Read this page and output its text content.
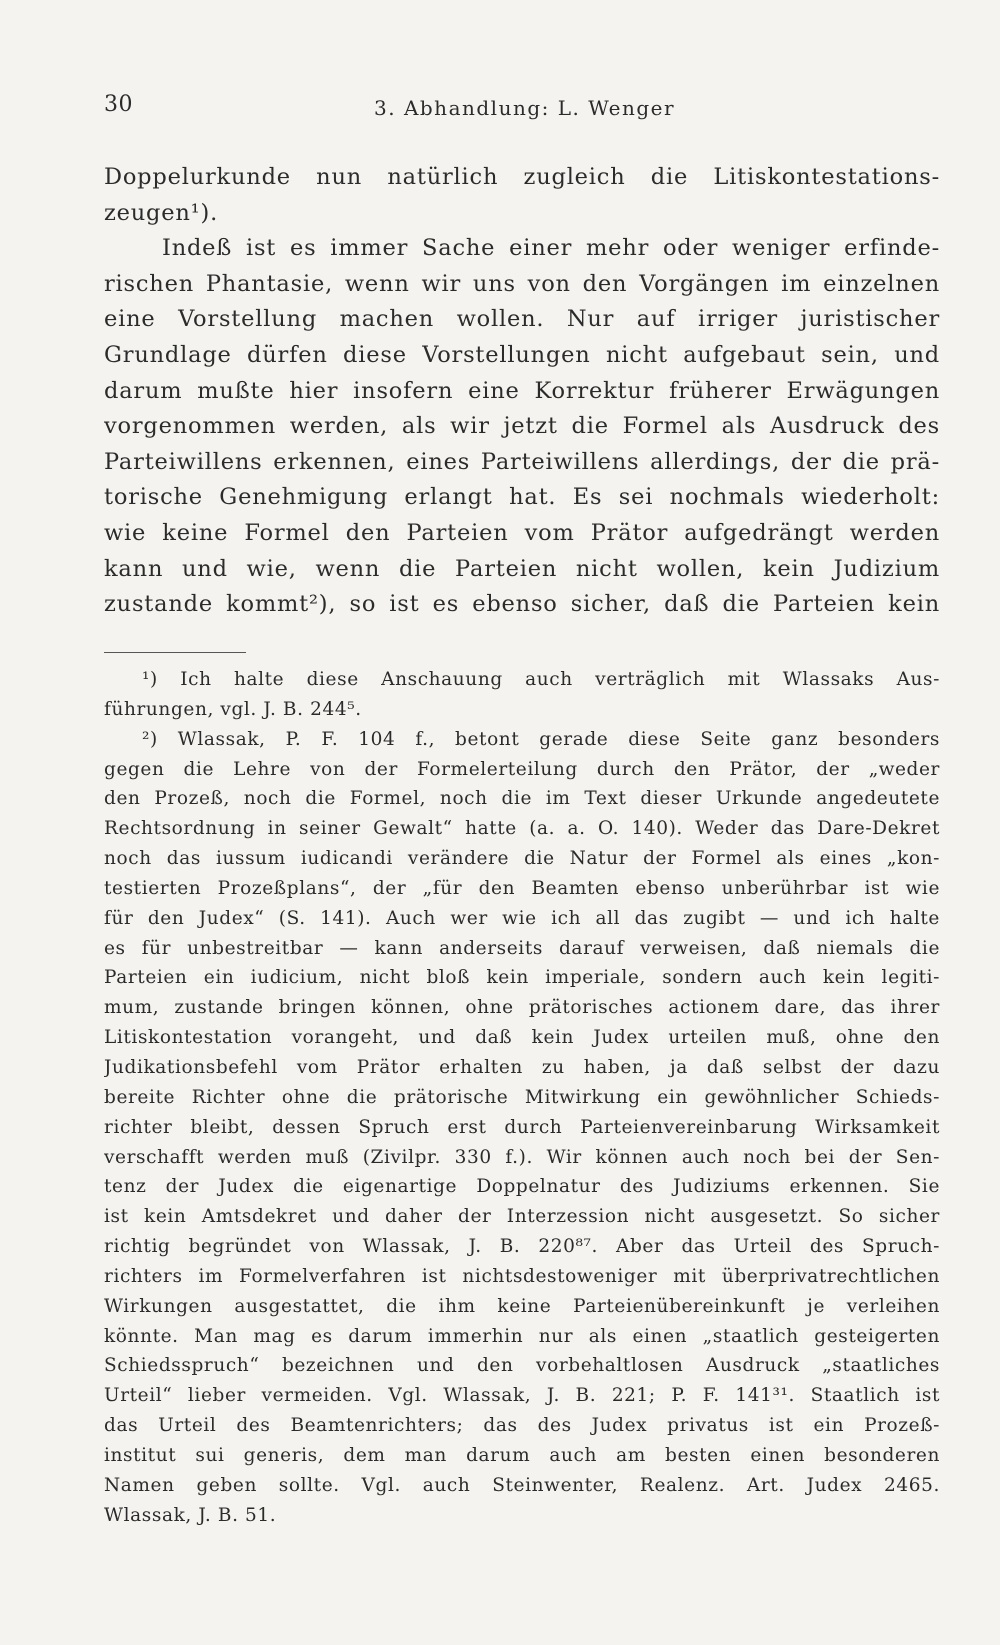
30	3. Abhandlung: L. Wenger
Doppelurkunde nun natürlich zugleich die Litiskontestations-
zeugen¹).
Indeß ist es immer Sache einer mehr oder weniger erfinde-
rischen Phantasie, wenn wir uns von den Vorgängen im einzelnen
eine Vorstellung machen wollen. Nur auf irriger juristischer
Grundlage dürfen diese Vorstellungen nicht aufgebaut sein, und
darum mußte hier insofern eine Korrektur früherer Erwägungen
vorgenommen werden, als wir jetzt die Formel als Ausdruck des
Parteiwillens erkennen, eines Parteiwillens allerdings, der die prä-
torische Genehmigung erlangt hat. Es sei nochmals wiederholt:
wie keine Formel den Parteien vom Prätor aufgedrängt werden
kann und wie, wenn die Parteien nicht wollen, kein Judizium
zustande kommt²), so ist es ebenso sicher, daß die Parteien kein
¹) Ich halte diese Anschauung auch verträglich mit Wlassaks Aus-
führungen, vgl. J. B. 244⁵.
²) Wlassak, P. F. 104 f., betont gerade diese Seite ganz besonders
gegen die Lehre von der Formelerteilung durch den Prätor, der „weder
den Prozeß, noch die Formel, noch die im Text dieser Urkunde angedeutete
Rechtsordnung in seiner Gewalt“ hatte (a. a. O. 140). Weder das Dare-Dekret
noch das iussum iudicandi verändere die Natur der Formel als eines „kon-
testierten Prozeßplans“, der „für den Beamten ebenso unberührbar ist wie
für den Judex“ (S. 141). Auch wer wie ich all das zugibt — und ich halte
es für unbestreitbar — kann anderseits darauf verweisen, daß niemals die
Parteien ein iudicium, nicht bloß kein imperiale, sondern auch kein legiti-
mum, zustande bringen können, ohne prätorisches actionem dare, das ihrer
Litiskontestation vorangeht, und daß kein Judex urteilen muß, ohne den
Judikationsbefehl vom Prätor erhalten zu haben, ja daß selbst der dazu
bereite Richter ohne die prätorische Mitwirkung ein gewöhnlicher Schieds-
richter bleibt, dessen Spruch erst durch Parteienvereinbarung Wirksamkeit
verschafft werden muß (Zivilpr. 330 f.). Wir können auch noch bei der Sen-
tenz der Judex die eigenartige Doppelnatur des Judiziums erkennen. Sie
ist kein Amtsdekret und daher der Interzession nicht ausgesetzt. So sicher
richtig begründet von Wlassak, J. B. 220⁸⁷. Aber das Urteil des Spruch-
richters im Formelverfahren ist nichtsdestoweniger mit überprivatrechtlichen
Wirkungen ausgestattet, die ihm keine Parteienübereinkunft je verleihen
könnte. Man mag es darum immerhin nur als einen „staatlich gesteigerten
Schiedsspruch“ bezeichnen und den vorbehaltlosen Ausdruck „staatliches
Urteil“ lieber vermeiden. Vgl. Wlassak, J. B. 221; P. F. 141³¹. Staatlich ist
das Urteil des Beamtenrichters; das des Judex privatus ist ein Prozeß-
institut sui generis, dem man darum auch am besten einen besonderen
Namen geben sollte. Vgl. auch Steinwenter, Realenz. Art. Judex 2465.
Wlassak, J. B. 51.
